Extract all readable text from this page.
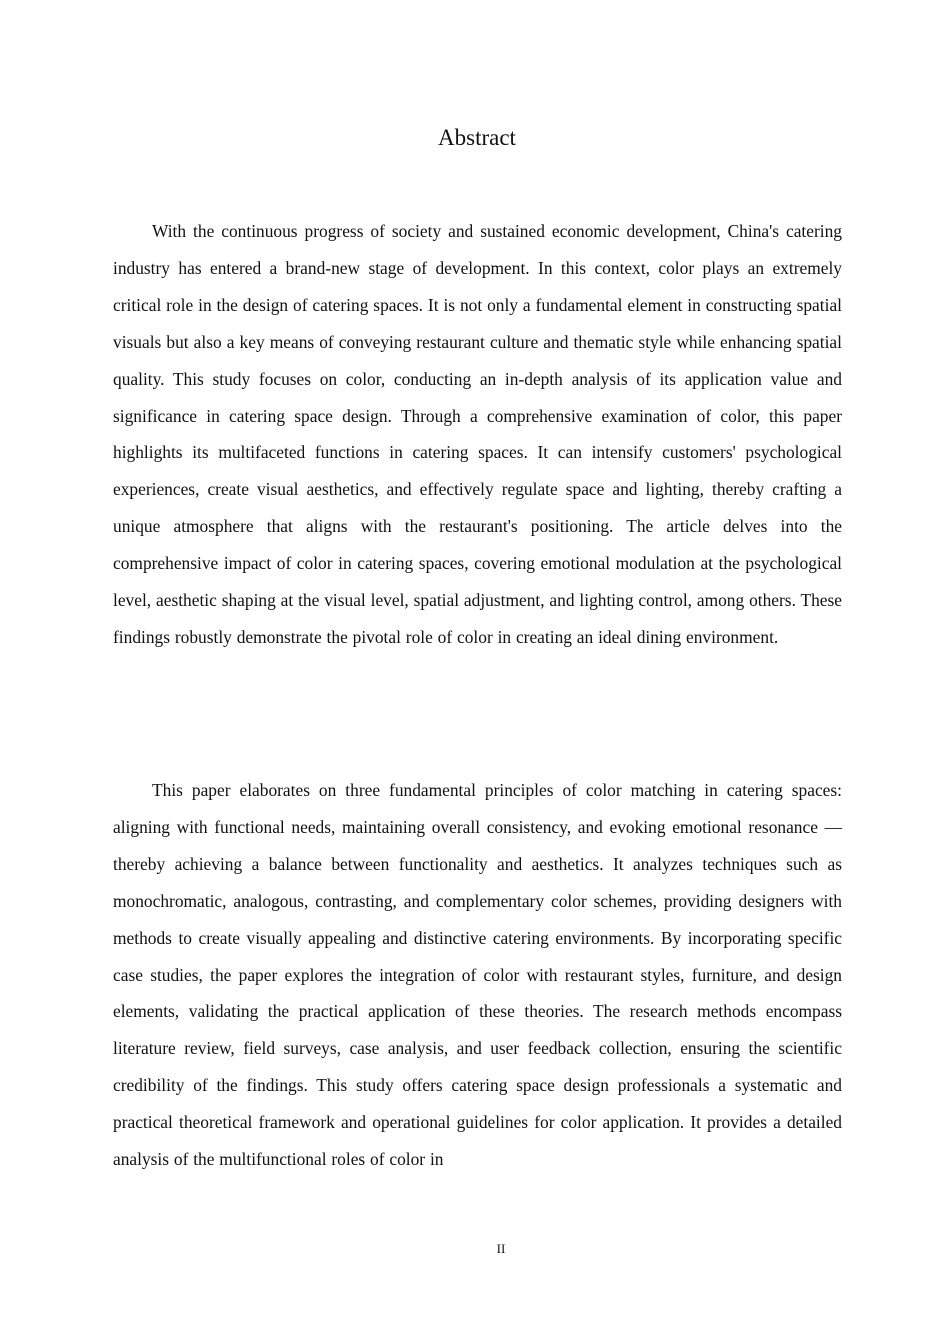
Abstract

With the continuous progress of society and sustained economic development, China's catering industry has entered a brand-new stage of development. In this context, color plays an extremely critical role in the design of catering spaces. It is not only a fundamental element in constructing spatial visuals but also a key means of conveying restaurant culture and thematic style while enhancing spatial quality. This study focuses on color, conducting an in-depth analysis of its application value and significance in catering space design. Through a comprehensive examination of color, this paper highlights its multifaceted functions in catering spaces. It can intensify customers' psychological experiences, create visual aesthetics, and effectively regulate space and lighting, thereby crafting a unique atmosphere that aligns with the restaurant's positioning. The article delves into the comprehensive impact of color in catering spaces, covering emotional modulation at the psychological level, aesthetic shaping at the visual level, spatial adjustment, and lighting control, among others. These findings robustly demonstrate the pivotal role of color in creating an ideal dining environment.

This paper elaborates on three fundamental principles of color matching in catering spaces: aligning with functional needs, maintaining overall consistency, and evoking emotional resonance — thereby achieving a balance between functionality and aesthetics. It analyzes techniques such as monochromatic, analogous, contrasting, and complementary color schemes, providing designers with methods to create visually appealing and distinctive catering environments. By incorporating specific case studies, the paper explores the integration of color with restaurant styles, furniture, and design elements, validating the practical application of these theories. The research methods encompass literature review, field surveys, case analysis, and user feedback collection, ensuring the scientific credibility of the findings. This study offers catering space design professionals a systematic and practical theoretical framework and operational guidelines for color application. It provides a detailed analysis of the multifunctional roles of color in

II
